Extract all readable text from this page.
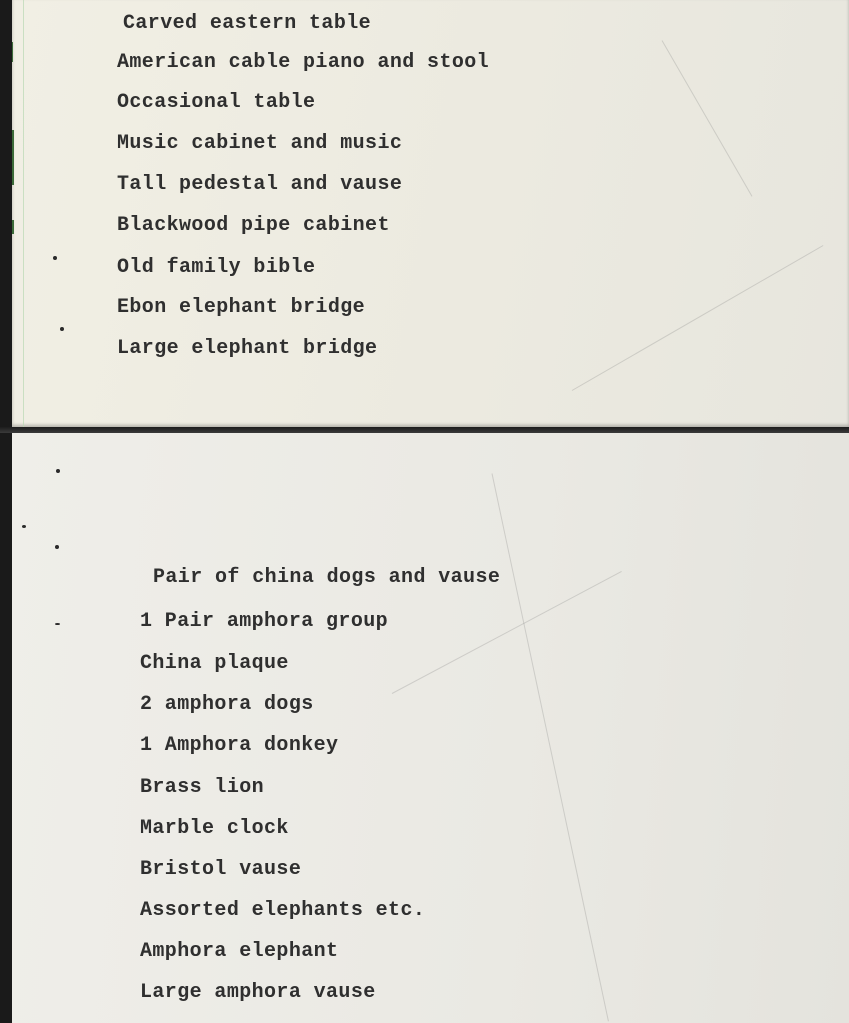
Carved eastern table
American cable piano and stool
Occasional table
Music cabinet and music
Tall pedestal and vause
Blackwood pipe cabinet
Old family bible
Ebon elephant bridge
Large elephant bridge
Pair of china dogs and vause
1 Pair amphora group
China plaque
2 amphora dogs
1 Amphora donkey
Brass lion
Marble clock
Bristol vause
Assorted elephants etc.
Amphora elephant
Large amphora vause
